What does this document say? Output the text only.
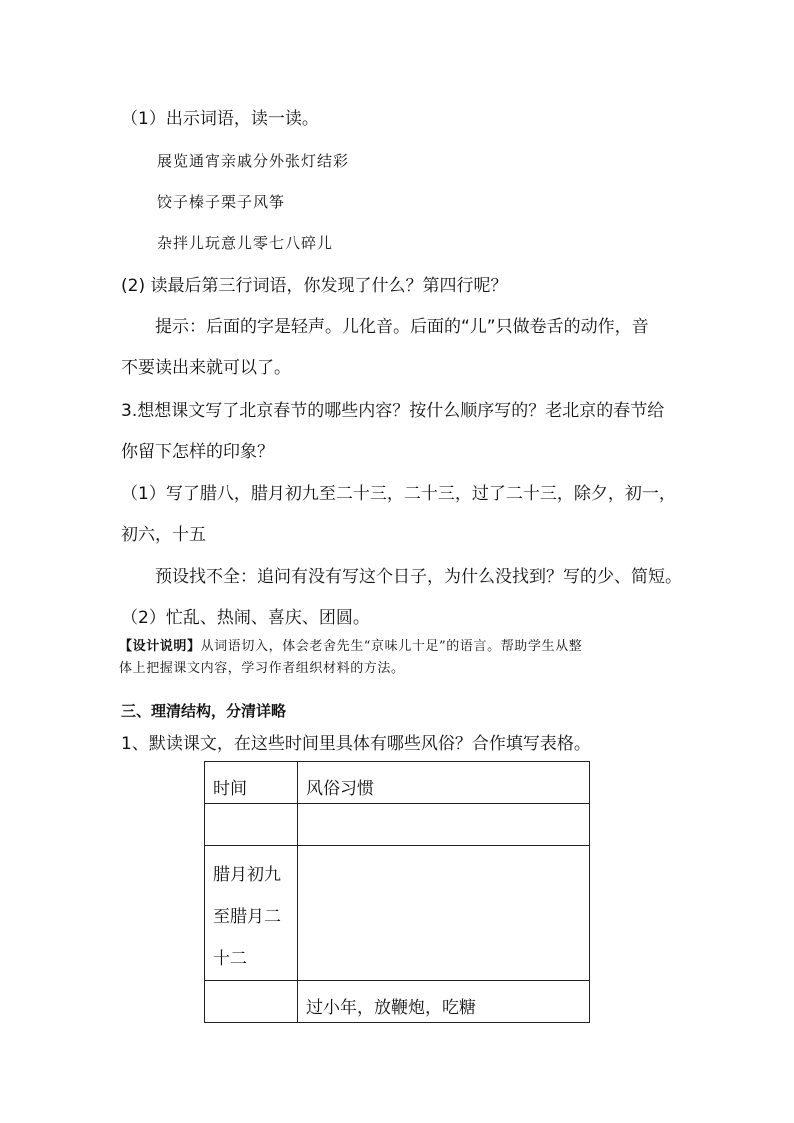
（1）出示词语，读一读。
展览通宵亲戚分外张灯结彩
饺子榛子栗子风筝
杂拌儿玩意儿零七八碎儿
(2) 读最后第三行词语，你发现了什么？第四行呢？
提示：后面的字是轻声。儿化音。后面的“儿”只做卷舌的动作，音
不要读出来就可以了。
3.想想课文写了北京春节的哪些内容？按什么顺序写的？老北京的春节给
你留下怎样的印象？
（1）写了腊八，腊月初九至二十三，二十三，过了二十三，除夕，初一，
初六，十五
预设找不全：追问有没有写这个日子，为什么没找到？写的少、简短。
（2）忙乱、热闹、喜庆、团圆。
【设计说明】从词语切入，体会老舍先生“京味儿十足”的语言。帮助学生从整
体上把握课文内容，学习作者组织材料的方法。
三、理清结构，分清详略
1、默读课文，在这些时间里具体有哪些风俗？合作填写表格。
时间	风俗习惯

腊月初九至腊月二十二	
	过小年，放鞭炮，吃糖
